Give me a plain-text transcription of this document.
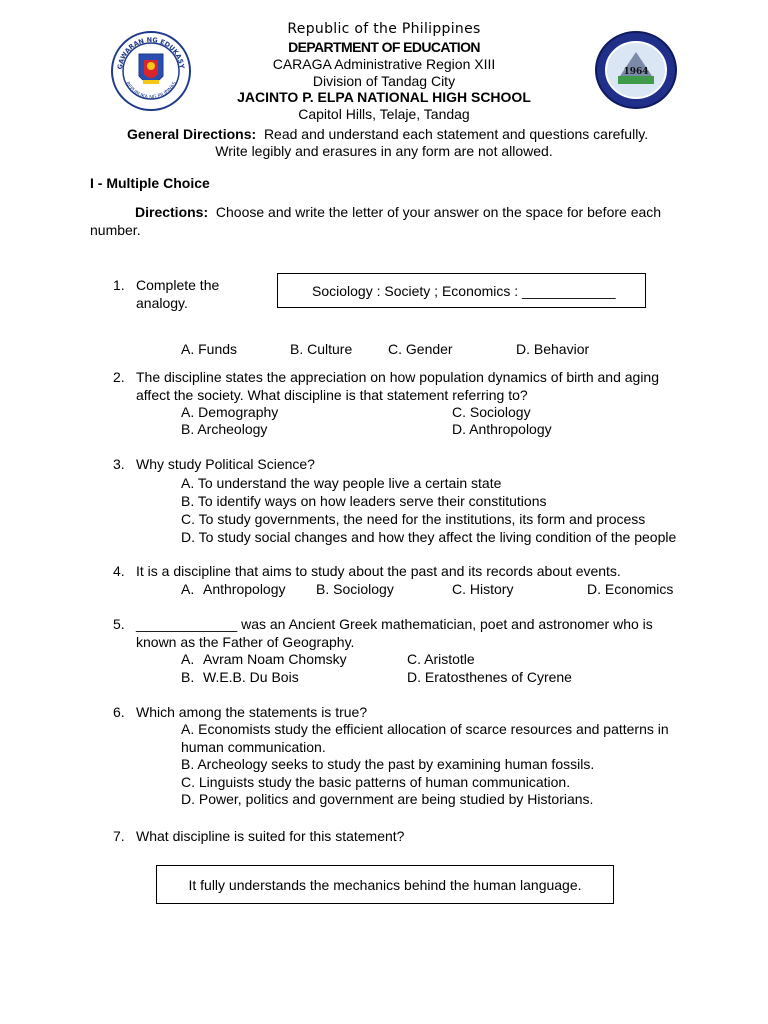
GAWARAN NG EDUKASY
REPUBLIKA NG PILIPINAS
1964
Republic of the Philippines
DEPARTMENT OF EDUCATION
CARAGA Administrative Region XIII
Division of Tandag City
JACINTO P. ELPA NATIONAL HIGH SCHOOL
Capitol Hills, Telaje, Tandag
General Directions: Read and understand each statement and questions carefully.
Write legibly and erasures in any form are not allowed.
I - Multiple Choice
Directions: Choose and write the letter of your answer on the space for before each
number.
1. Complete the
analogy.
Sociology : Society ; Economics : ____________
A. Funds	B. Culture	C. Gender	D. Behavior
2. The discipline states the appreciation on how population dynamics of birth and aging
affect the society. What discipline is that statement referring to?
A. Demography	C. Sociology
B. Archeology	D. Anthropology
3. Why study Political Science?
A. To understand the way people live a certain state
B. To identify ways on how leaders serve their constitutions
C. To study governments, the need for the institutions, its form and process
D. To study social changes and how they affect the living condition of the people
4. It is a discipline that aims to study about the past and its records about events.
A. Anthropology B. Sociology	C. History	D. Economics
5. _____________ was an Ancient Greek mathematician, poet and astronomer who is
known as the Father of Geography.
A. Avram Noam Chomsky	C. Aristotle
B. W.E.B. Du Bois	D. Eratosthenes of Cyrene
6. Which among the statements is true?
A. Economists study the efficient allocation of scarce resources and patterns in
human communication.
B. Archeology seeks to study the past by examining human fossils.
C. Linguists study the basic patterns of human communication.
D. Power, politics and government are being studied by Historians.
7. What discipline is suited for this statement?
It fully understands the mechanics behind the human language.
